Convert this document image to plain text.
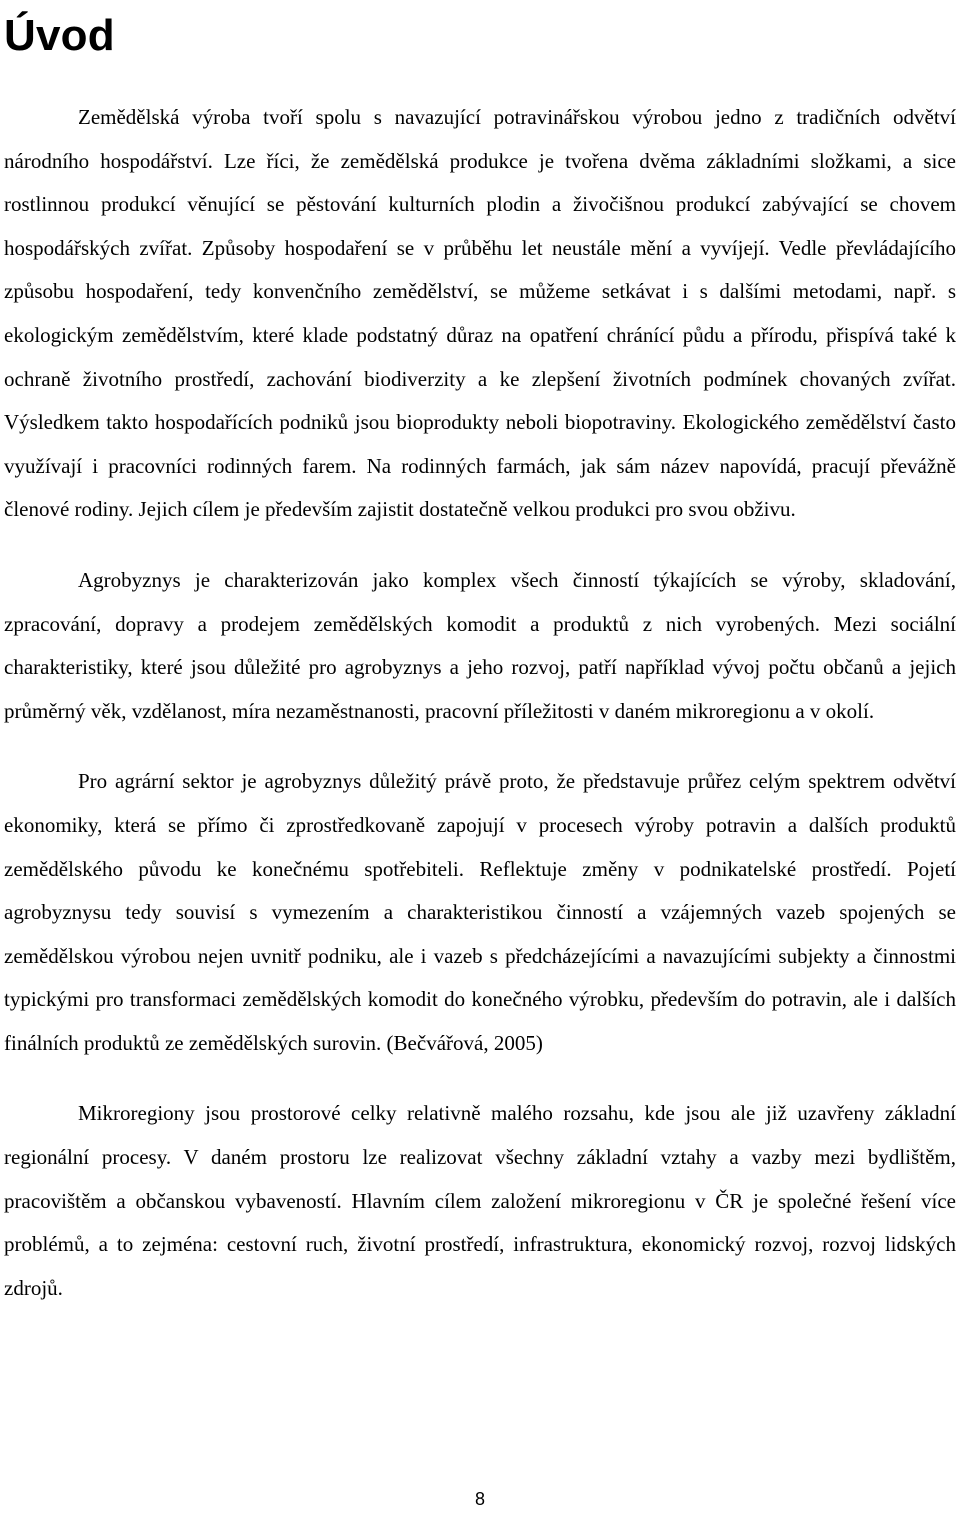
Úvod

Zemědělská výroba tvoří spolu s navazující potravinářskou výrobou jedno z tradičních odvětví národního hospodářství. Lze říci, že zemědělská produkce je tvořena dvěma základními složkami, a sice rostlinnou produkcí věnující se pěstování kulturních plodin a živočišnou produkcí zabývající se chovem hospodářských zvířat. Způsoby hospodaření se v průběhu let neustále mění a vyvíjejí. Vedle převládajícího způsobu hospodaření, tedy konvenčního zemědělství, se můžeme setkávat i s dalšími metodami, např. s ekologickým zemědělstvím, které klade podstatný důraz na opatření chránící půdu a přírodu, přispívá také k ochraně životního prostředí, zachování biodiverzity a ke zlepšení životních podmínek chovaných zvířat. Výsledkem takto hospodařících podniků jsou bioprodukty neboli biopotraviny. Ekologického zemědělství často využívají i pracovníci rodinných farem. Na rodinných farmách, jak sám název napovídá, pracují převážně členové rodiny. Jejich cílem je především zajistit dostatečně velkou produkci pro svou obživu.

Agrobyznys je charakterizován jako komplex všech činností týkajících se výroby, skladování, zpracování, dopravy a prodejem zemědělských komodit a produktů z nich vyrobených. Mezi sociální charakteristiky, které jsou důležité pro agrobyznys a jeho rozvoj, patří například vývoj počtu občanů a jejich průměrný věk, vzdělanost, míra nezaměstnanosti, pracovní příležitosti v daném mikroregionu a v okolí.

Pro agrární sektor je agrobyznys důležitý právě proto, že představuje průřez celým spektrem odvětví ekonomiky, která se přímo či zprostředkovaně zapojují v procesech výroby potravin a dalších produktů zemědělského původu ke konečnému spotřebiteli. Reflektuje změny v podnikatelské prostředí. Pojetí agrobyznysu tedy souvisí s vymezením a charakteristikou činností a vzájemných vazeb spojených se zemědělskou výrobou nejen uvnitř podniku, ale i vazeb s předcházejícími a navazujícími subjekty a činnostmi typickými pro transformaci zemědělských komodit do konečného výrobku, především do potravin, ale i dalších finálních produktů ze zemědělských surovin. (Bečvářová, 2005)

Mikroregiony jsou prostorové celky relativně malého rozsahu, kde jsou ale již uzavřeny základní regionální procesy. V daném prostoru lze realizovat všechny základní vztahy a vazby mezi bydlištěm, pracovištěm a občanskou vybaveností. Hlavním cílem založení mikroregionu v ČR je společné řešení více problémů, a to zejména: cestovní ruch, životní prostředí, infrastruktura, ekonomický rozvoj, rozvoj lidských zdrojů.

8
